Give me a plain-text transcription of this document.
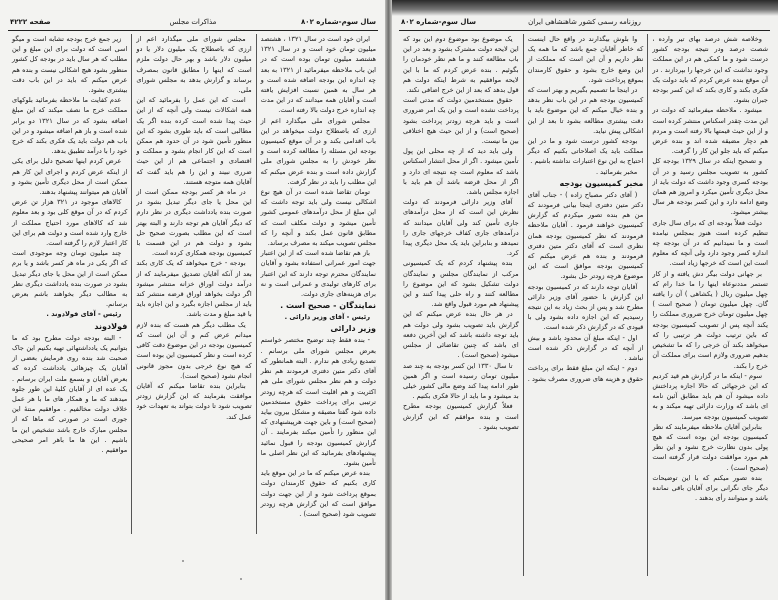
سال سوم-شماره ۸۰۲
مذاکرات مجلس
صفحه ۴۲۲۲

ایران خود است در سال ۱۳۲۱ ، هشتصد میلیون تومان خود است و در سال ۱۳۲۱ هشتصد میلیون تومان بوده است که در این باب ملاحظه میفرمائید از ۱۳۲۱ به بعد چه اندازه این بودجه اضافه شده است و هر سال به همین نسبت افزایش یافته است و آقایان همه میدانند که در این مدت چه اندازه خرج دولت بالا رفته است.

مجلس شورای ملی میگذارد اعم از ارزی که باصطلاح دولت میخواهد در این باب اقدامی بکند و در آن موقع کمیسیون بودجه این مسئله را مطالعه کرده است و نظر خودش را به مجلس شورای ملی گزارش داده است و بنده عرض میکنم که این مطلب را باید در نظر گرفت.

تومان تقاضا شده است در آن هیچ نوع اشکالی نیست ولی باید توجه داشت که این مبلغ از محل درآمدهای عمومی کشور تأمین میشود و دولت مکلف است که مطابق قانون عمل بکند و آنچه را که مجلس تصویب میکند به مصرف برساند.

باز هم تقاضا شده است که از این اعتبار جهت امور عمرانی استفاده بشود و آقایان نمایندگان محترم توجه دارند که این اعتبار برای کارهای تولیدی و عمرانی است و نه برای هزینه‌های جاری دولت.

نمایندگان - صحیح است .

رئیس - آقای وزیر دارائی .

وزیر دارائی

- بنده فقط چند توضیح مختصر خواستم بعرض مجلس شورای ملی برسانم . تصدیع زیادی هم ندارم . البته همانطور که آقای دکتر متین دفتری فرمودند هم نظر دولت و هم نظر مجلس شورای ملی هم اکثریت و هم اقلیت است که هرچه زودتر ترتیبی برای پرداخت حقوق مستخدمین داده شود گفتا مضیقه و مشکل بیرون بیاید (صحیح است) و باین جهت هرپیشنهادی که این منظور را تأمین میکند بفرمایند . آن گزارش کمیسیون بودجه را قبول نمائید پیشنهادهای بفرمائید که این نظر اصلی ما تأمین بشود.

بنده عرض میکنم که ما در این موقع باید کاری بکنیم که حقوق کارمندان دولت بموقع پرداخت شود و از این جهت دولت موافق است که این گزارش هرچه زودتر تصویب شود (صحیح است) .

مجلس شورای ملی میگذارد اعم از ارزی که باصطلاح یک میلیون دلار یا دو میلیون دلار باشد و بهر حال دولت ملزم است که اینها را مطابق قانون بمصرف برساند و گزارش بدهد به مجلس شورای ملی.

است که این عمل را بفرمائید که این همه اشکالات نیست ولی آنچه که از این حیث پیدا شده است کرده بنده اگر یک مطالبی است که باید طوری بشود که این منظور تأمین شود در آن حدود هم ممکن است که این کار انجام بشود و مملکت و اقتصادی و اجتماعی هم از این حیث ضرری نبیند و این را هم باید گفت که آقایان همه متوجه هستند.

در ماه هر کسر بودجه ممکن است از این محل یا جای دیگر تبدیل بشود در صورت بنده یادداشت دیگری در نظر دارم که دیگر آقایان هم توجه دارند و البته بهتر است که این مطلب بصورت صحیح حل بشود و دولت هم در این قسمت با کمیسیون بودجه همکاری کرده است.

بودجه - خرج میخواهد که یک کاری بکند بعد از آنکه آقایان تصدیق میفرمایند که از درآمد دولت اوراق خزانه منتشر میشود اگر دولت بخواهد اوراق قرضه منتشر کند باید از مجلس اجازه بگیرد و این اجازه باید با قید مبلغ و مدت باشد.

یک مطلب دیگر هم هست که بنده لازم میدانم عرض کنم و آن این است که کمیسیون بودجه در این موضوع دقت کافی کرده است و نظر کمیسیون این بوده است که هیچ نوع خرجی بدون مجوز قانونی انجام نشود (صحیح است).

بنابراین بنده تقاضا میکنم که آقایان موافقت بفرمایند که این گزارش زودتر تصویب شود تا دولت بتواند به تعهدات خود عمل کند.

زیر جمع خرج بودجه تشابه است و میگو اسی است که دولت برای این مبلغ و این مطلب که هر سال باید در بودجه کل کشور منظور بشود هیچ اشکالی نیست و بنده هم عرض میکنم که باید در این باب دقت بیشتری بشود.

عدم کفایت ما ملاحظه بفرمائید بلوکهای مملکت خرج ما نصف میکند که این مبلغ اضافه بشود که در سال ۱۳۲۱ دو برابر شده است و باز هم اضافه میشود و در این باب هم دولت باید یک فکری بکند که خرج خود را با درآمد تطبیق بدهد.

عرض کردم اینها تصحیح دلیل برای یکی از اینکه عرض کردم و اجرای این کار هم ممکن است از محل دیگری تأمین بشود و آقایان هم میتوانند پیشنهاد بدهند.

کالاهای موجود در ۳۲۱ هزار تن عرض کردم که در آن موقع کلی بود و بعد معلوم شد که کالاهای مورد احتیاج مملکت از خارج وارد شده است و دولت هم برای این کار اعتبار لازم را گرفته است.

چند میلیون تومان وجه موجودی است که اگر یکی در ماه هر کسر باشد و یا برم ممکن است از این محل یا جای دیگر تبدیل بشود در صورت بنده یادداشت دیگری نظر به مطالب دیگر بخواهند باشم بعرض برسانم.

رئیس - آقای فولادوند .

فولادوند

- البته بودجه دولت مطرح بود که ما بتوانیم یک یادداشتهائی تهیه بکنیم این جاک صحبت شد بنده روی فرمایش بعضی از آقایان یک چیزهائی یادداشت کرده که بعرض آقایان و بسمع ملت ایران برسانم . یک عده ای از آقایان کلیهٔ این طور جلوه میدهند که ما و همکار های ما با هر عمل خلاف دولت مخالفیم . موافقیم منتهٔ این جوری است در صورتی که ماها که از مجلس مبارک خارج باشد تشخیص این ما باشیم . این ها ما باهر امر صحیحی موافقیم .

روزنامه رسمی کشور شاهنشاهی ایران
سال سوم-شماره ۸۰۲

وخلاصه شش درصد بهای تیر وارده ، شصت درصد ودر نتیجه بودجه کشور درست شود و ما کمکی هم در این مملکت وجود نداشت که این خرجها را بپردازند . در آن موقع بنده عرض کردم که باید دولت یک فکری بکند و کاری بکند که این کسر بودجه جبران بشود.

میشود . ملاحظه میفرمائید که دولت در این مدت چقدر اسکناس منتشر کرده است و از این حیث قیمتها بالا رفته است و مردم هم دچار مضیقه شده اند و بنده عرض میکنم که باید جلو این کار را گرفت.

و تصحیح اینکه در سال ۱۳۲۹ بودجه کل کشور به تصویب مجلس رسید و در آن بودجه کسری وجود داشت که دولت باید از محل دیگری تأمین میکرد و امروز هم همان وضع ادامه دارد و این کسر بودجه هر سال بیشتر میشود.

دولت فعلاً بودجه ای که برای سال جاری تنظیم کرده است هنوز بمجلس نیامده است و ما نمیدانیم که در آن بودجه چه اندازه کسر وجود دارد ولی آنچه که معلوم است این است که خرجها زیاد است.

بر جهانی دولت بیگر دش یافته و از کار تستمر مددنوعاه اینها را ما خدا رام که چهل میلیون ریال ( یکشاهی ) آن را یافته گان. چهل میلیون تومان ( صحیح است ) چهل میلیون تومان خرج ضروری مملکت را یکند آنچه پس از تصویب کمیسیون بودجه که باین ترتیب دولت هر ترتیبی را که میخواهد بکند آن خرجی را که ما تشخیص بدهیم ضروری ولازم است برای مملکت آن خرج را بکند.

سوم - اینکه ما در گزارش هم قید کردیم که این خرجهائی که حالا اجازه پرداختش داده میشود آن هم باید مطابق آئین نامه ای باشد که وزارت دارائی تهیه میکند و به تصویب کمیسیون بودجه میرسد.

بنابراین آقایان ملاحظه میفرمایند که نظر کمیسیون بودجه این بوده است که هیچ پولی بدون نظارت خرج نشود و این نظر هم مورد موافقت دولت قرار گرفته است (صحیح است) .

بنده تصور میکنم که با این توضیحات دیگر جای نگرانی برای آقایان باقی نمانده باشد و میتوانند رأی بدهند .

وا بلوش بیگذارند در واقع حال اینست که خاطر آقایان جمع باشد که ما همه یک نظر داریم و آن این است که مملکت از این وضع خارج بشود و حقوق کارمندان بموقع پرداخت شود.

در اینجا ما تصمیم بگیریم و بهتر است که کمیسیون بودجه هم در این باب نظر بدهد و بنده خیال میکنم که این موضوع باید با دقت بیشتری مطالعه بشود تا بعد از این اشکالی پیش نیاید.

بودجه کشور درست شود و ما در این مملکت باید یک اصلاحاتی بکنیم که دیگر احتیاج به این نوع اعتبارات نداشته باشیم .

مخبر بفرمائید .

مخبر کمیسیون بودجه

( آقای دکتر مصباح زاده ) - جناب آقای دکتر متین دفتری اینجا بیانی فرمودند که من هم بنده تصور میکردم که گزارش کمیسیون خواهند فرمود . آقایان ملاحظه فرمودند که نظر کمیسیون بودجه همان نظری است که آقای دکتر متین دفتری فرمودند و بنده هم عرض میکنم که کمیسیون بودجه موافق است که این موضوع هرچه زودتر حل بشود.

آقایان توجه دارند که در کمیسیون بودجه این گزارش با حضور آقای وزیر دارائی مطرح شد و پس از بحث زیاد به این نتیجه رسیدیم که این اجازه داده بشود ولی با قیودی که در گزارش ذکر شده است.

اول - اینکه مبلغ آن محدود باشد و بیش از آنچه که در گزارش ذکر شده است نباشد .

دوم - اینکه این مبلغ فقط برای پرداخت حقوق و هزینه های ضروری مصرف بشود .

یک موضوع بود موضوع دوم این بود که این لایحه دولت مشترک بشود و بعد در این باب مطالعه کنند و ما هم نظر خودمان را بگوئیم . بنده عرض کردم که ما با این لایحه موافقیم به شرط اینکه دولت هم قول بدهد که بعد از این خرج اضافی نکند.

حقوق مستخدمین دولت که مدتی است پرداخت نشده است و این یک امر ضروری است و باید هرچه زودتر پرداخت بشود (صحیح است) و از این حیث هیچ اختلافی بین ما نیست.

ولی باید دید که از چه محلی این پول تأمین میشود . اگر از محل انتشار اسکناس باشد که معلوم است چه نتیجه ای دارد و اگر از محل قرضه باشد آن هم باید با اجازه مجلس باشد.

آقای وزیر دارائی فرمودند که دولت نظرش این است که از محل درآمدهای جاری تأمین کند ولی آقایان میدانند که درآمدهای جاری کفاف خرجهای جاری را نمیدهد و بنابراین باید یک محل دیگری پیدا کرد.

بنده پیشنهاد کردم که یک کمیسیونی مرکب از نمایندگان مجلس و نمایندگان دولت تشکیل بشود که این موضوع را مطالعه کنند و راه حلی پیدا کنند و این پیشنهاد هم مورد قبول واقع شد.

در هر حال بنده عرض میکنم که این گزارش باید تصویب بشود ولی دولت هم باید توجه داشته باشد که این آخرین دفعه ای باشد که چنین تقاضائی از مجلس میشود (صحیح است) .

تا سال ۱۳۳۰ این کسر بودجه به چند صد میلیون تومان رسیده است و اگر همین طور ادامه پیدا کند وضع مالی کشور خیلی بد میشود و ما باید از حالا فکری بکنیم .

فعلاً گزارش کمیسیون بودجه مطرح است و بنده موافقم که این گزارش تصویب بشود .
